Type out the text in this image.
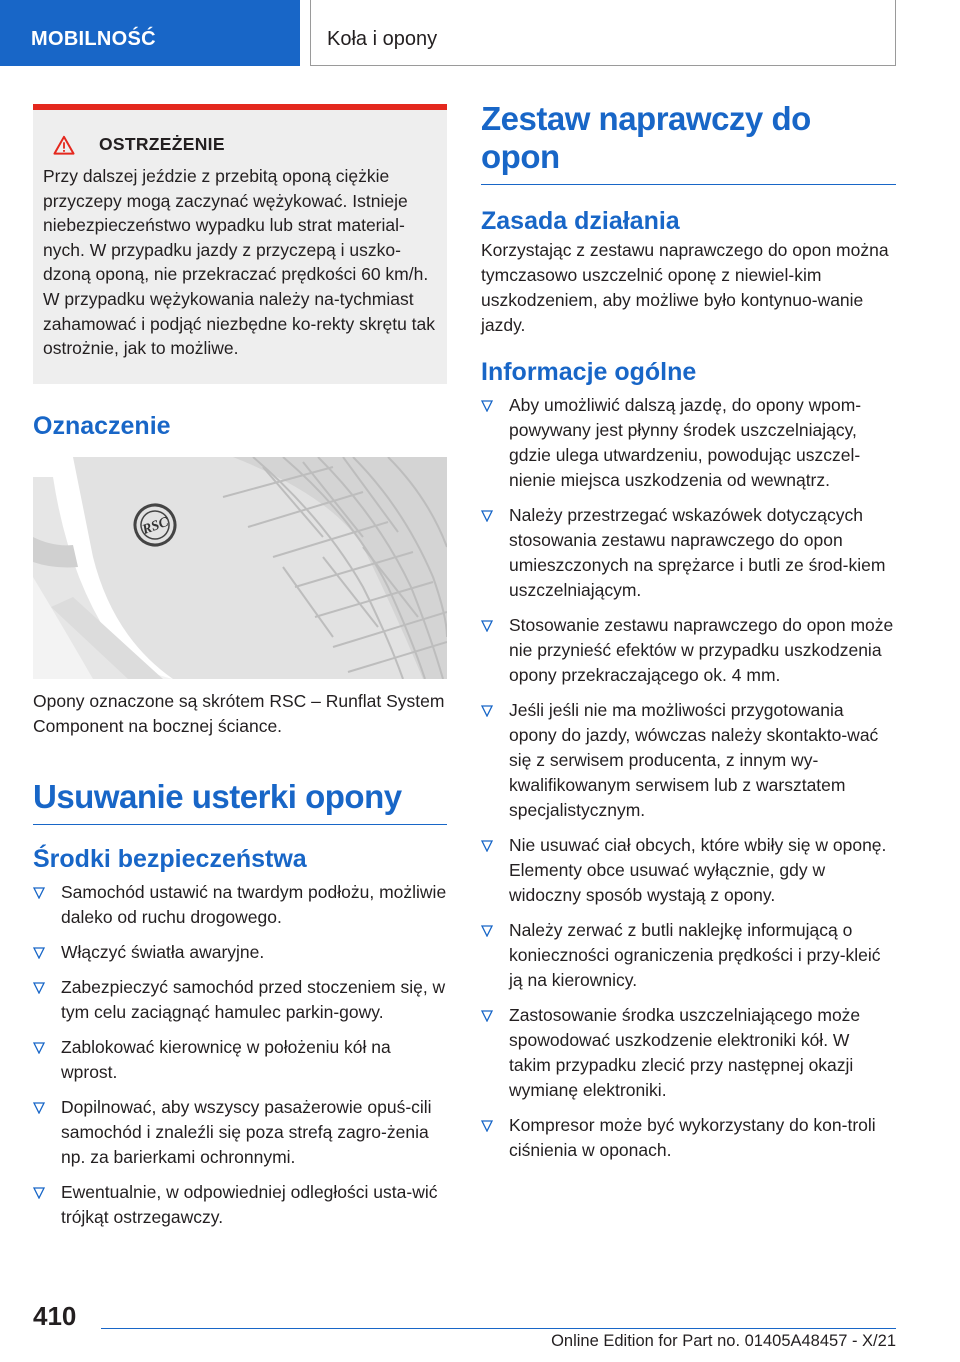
MOBILNOŚĆ	Koła i opony
OSTRZEŻENIE

Przy dalszej jeździe z przebitą oponą ciężkie przyczepy mogą zaczynać wężykować. Istnieje niebezpieczeństwo wypadku lub strat material‐nych. W przypadku jazdy z przyczepą i uszko‐dzoną oponą, nie przekraczać prędkości 60 km/h. W przypadku wężykowania należy na‐tychmiast zahamować i podjąć niezbędne ko‐rekty skrętu tak ostrożnie, jak to możliwe.

Oznaczenie
RSC

Opony oznaczone są skrótem RSC – Runflat System Component na bocznej ściance.

Usuwanie usterki opony
Środki bezpieczeństwa
Samochód ustawić na twardym podłożu, możliwie daleko od ruchu drogowego.
Włączyć światła awaryjne.
Zabezpieczyć samochód przed stoczeniem się, w tym celu zaciągnąć hamulec parkin‐gowy.
Zablokować kierownicę w położeniu kół na wprost.
Dopilnować, aby wszyscy pasażerowie opuś‐cili samochód i znaleźli się poza strefą zagro‐żenia np. za barierkami ochronnymi.
Ewentualnie, w odpowiedniej odległości usta‐wić trójkąt ostrzegawczy.
Zestaw naprawczy do opon
Zasada działania

Korzystając z zestawu naprawczego do opon można tymczasowo uszczelnić oponę z niewiel‐kim uszkodzeniem, aby możliwe było kontynuo‐wanie jazdy.

Informacje ogólne
Aby umożliwić dalszą jazdę, do opony wpom‐powywany jest płynny środek uszczelniający, gdzie ulega utwardzeniu, powodując uszczel‐nienie miejsca uszkodzenia od wewnątrz.
Należy przestrzegać wskazówek dotyczących stosowania zestawu naprawczego do opon umieszczonych na sprężarce i butli ze środ‐kiem uszczelniającym.
Stosowanie zestawu naprawczego do opon może nie przynieść efektów w przypadku uszkodzenia opony przekraczającego ok. 4 mm.
Jeśli jeśli nie ma możliwości przygotowania opony do jazdy, wówczas należy skontakto‐wać się z serwisem producenta, z innym wy‐kwalifikowanym serwisem lub z warsztatem specjalistycznym.
Nie usuwać ciał obcych, które wbiły się w oponę. Elementy obce usuwać wyłącznie, gdy w widoczny sposób wystają z opony.
Należy zerwać z butli naklejkę informującą o konieczności ograniczenia prędkości i przy‐kleić ją na kierownicy.
Zastosowanie środka uszczelniającego może spowodować uszkodzenie elektroniki kół. W takim przypadku zlecić przy następnej okazji wymianę elektroniki.
Kompresor może być wykorzystany do kon‐troli ciśnienia w oponach.
410
Online Edition for Part no. 01405A48457 - X/21
